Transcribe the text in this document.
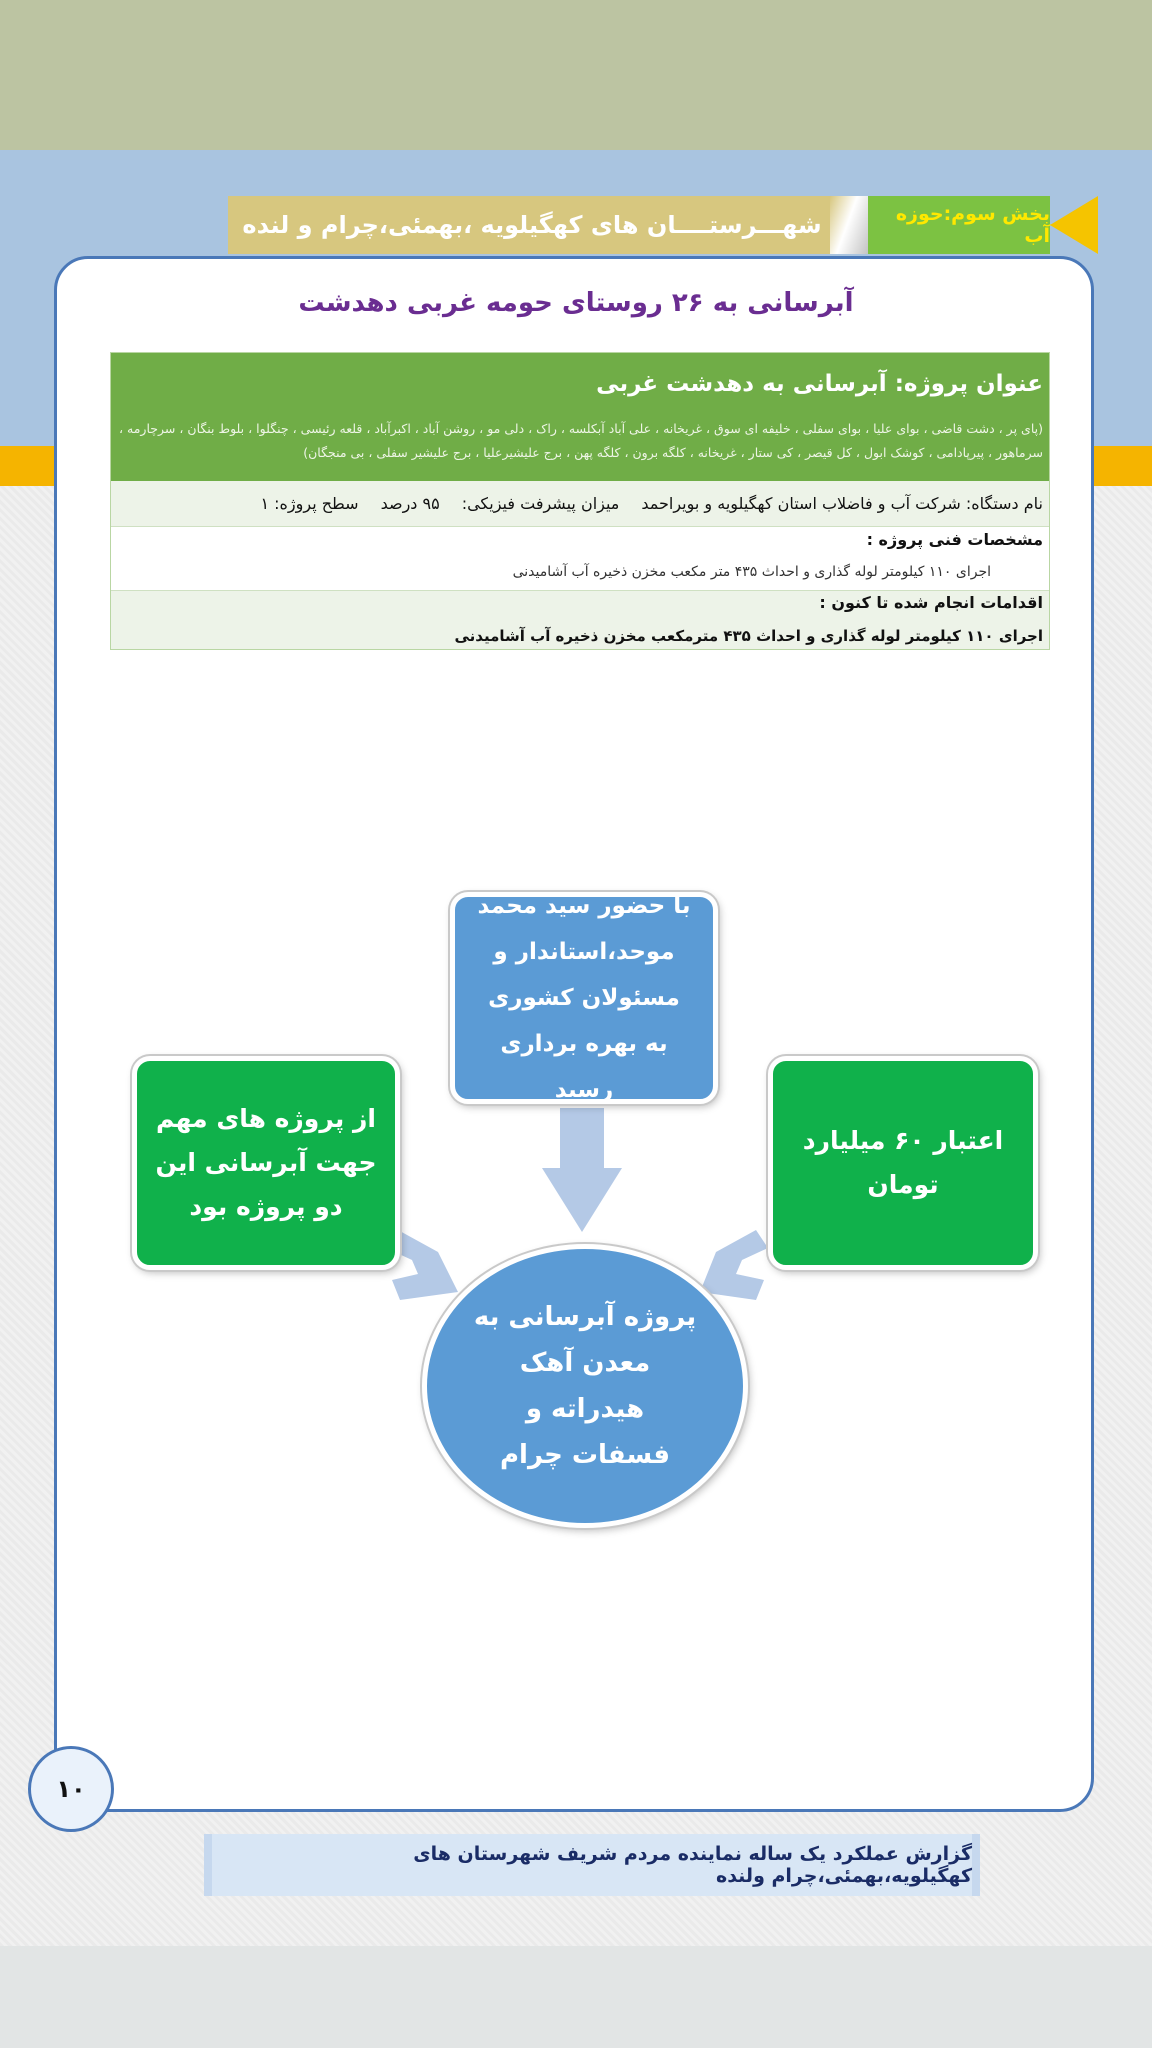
شهـــرستــــان های کهگیلویه ،بهمئی،چرام و لنده	بخش سوم:حوزه آب
آبرسانی به ۲۶ روستای حومه غربی دهدشت
عنوان پروژه: آبرسانی به دهدشت غربی
(پای پر ، دشت قاضی ، بوای علیا ، بوای سفلی ، خلیفه ای سوق ، غریخانه ، علی آباد آبکلسه ، راک ، دلی مو ، روشن آباد ، اکبرآباد ، قلعه رئیسی ، چنگلوا ، بلوط بنگان ، سرچارمه ، سرماهور ، پیرپادامی ، کوشک ابول ، کل قیصر ، کی ستار ، غریخانه ، کلگه برون ، کلگه پهن ، برج علیشیرعلیا ، برج علیشیر سفلی ، بی منجگان)
نام دستگاه: شرکت آب و فاضلاب استان کهگیلویه و بویراحمد
میزان پیشرفت فیزیکی:
۹۵ درصد
سطح پروژه: ۱
مشخصات فنی پروژه :
اجرای ۱۱۰ کیلومتر لوله گذاری و احداث ۴۳۵ متر مکعب مخزن ذخیره آب آشامیدنی
اقدامات انجام شده تا کنون :
اجرای ۱۱۰ کیلومتر لوله گذاری و احداث ۴۳۵ مترمکعب مخزن ذخیره آب آشامیدنی
با حضور سید محمد موحد،استاندار و مسئولان کشوری به بهره برداری رسید
از پروژه های مهم جهت آبرسانی این دو پروژه بود
اعتبار ۶۰ میلیارد تومان
پروژه آبرسانی به معدن آهک هیدراته و فسفات چرام
۱۰
گزارش عملکرد یک ساله نماینده مردم شریف شهرستان های کهگیلویه،بهمئی،چرام ولنده
